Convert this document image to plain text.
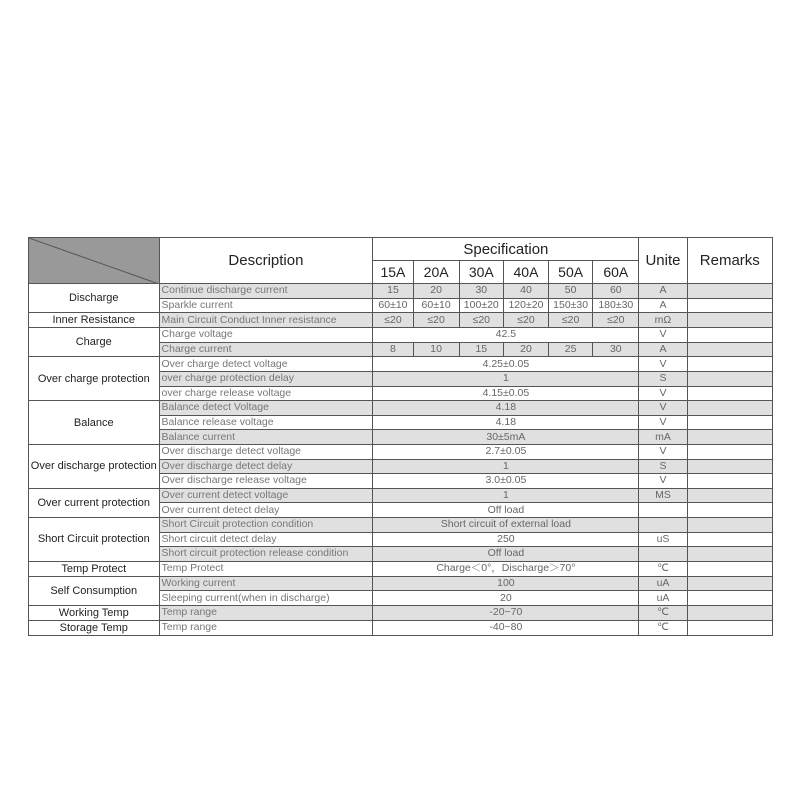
	Description	Specification						Unite	Remarks
		15A	20A	30A	40A	50A	60A		
Discharge	Continue discharge current	15	20	30	40	50	60	A	
	Sparkle current	60±10	60±10	100±20	120±20	150±30	180±30	A	
Inner Resistance	Main Circuit Conduct Inner resistance	≤20	≤20	≤20	≤20	≤20	≤20	mΩ	
Charge	Charge voltage	42.5						V	
	Charge current	8	10	15	20	25	30	A	
Over charge protection	Over charge detect voltage	4.25±0.05						V	
	over charge protection delay	1						S	
	over charge release voltage	4.15±0.05						V	
Balance	Balance detect Voltage	4.18						V	
	Balance release voltage	4.18						V	
	Balance current	30±5mA						mA	
Over discharge protection	Over discharge detect voltage	2.7±0.05						V	
	Over discharge detect delay	1						S	
	Over discharge release voltage	3.0±0.05						V	
Over current protection	Over current detect voltage	1						MS	
	Over current detect delay	Off load							
Short Circuit protection	Short Circuit protection condition	Short circuit of external load							
	Short circuit detect delay	250						uS	
	Short circuit protection release condition	Off load							
Temp Protect	Temp Protect	Charge＜0°，Discharge＞70°						℃	
Self Consumption	Working current	100						uA	
	Sleeping current(when in discharge)	20						uA	
Working Temp	Temp range	-20~70						℃	
Storage Temp	Temp range	-40~80						℃	
